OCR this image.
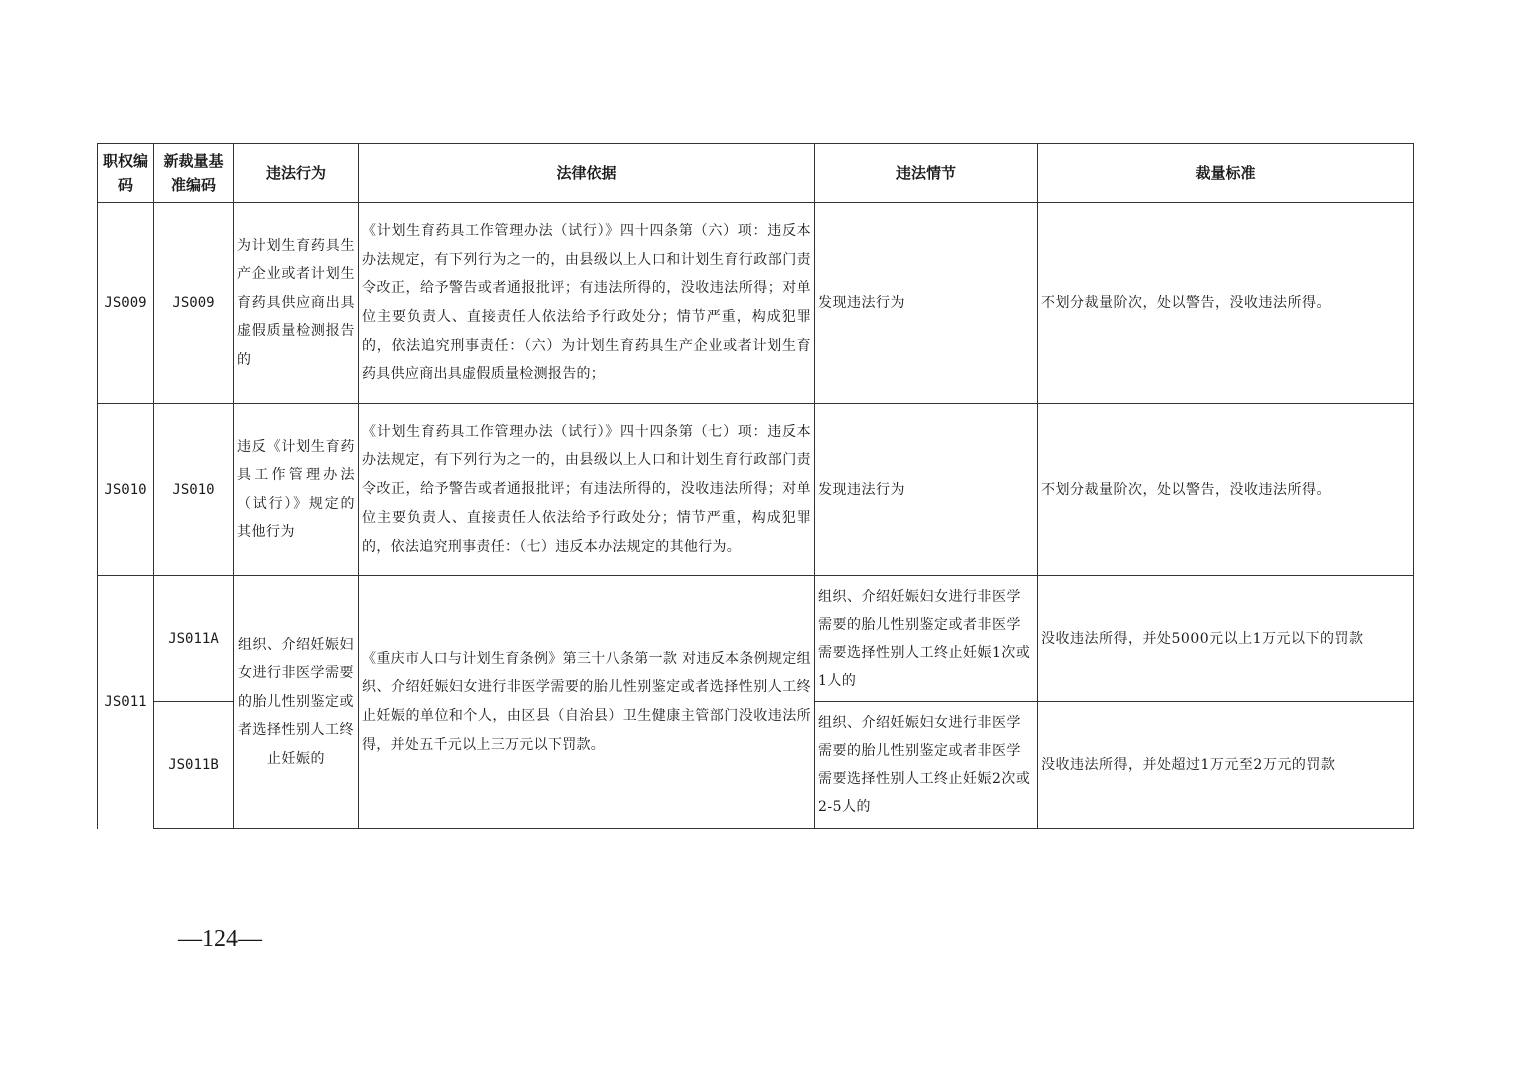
职权编码	新裁量基准编码	违法行为	法律依据	违法情节	裁量标准
JS009	JS009	为计划生育药具生产企业或者计划生育药具供应商出具虚假质量检测报告的	《计划生育药具工作管理办法（试行）》四十四条第（六）项：违反本办法规定，有下列行为之一的，由县级以上人口和计划生育行政部门责令改正，给予警告或者通报批评；有违法所得的，没收违法所得；对单位主要负责人、直接责任人依法给予行政处分；情节严重，构成犯罪的，依法追究刑事责任：（六）为计划生育药具生产企业或者计划生育药具供应商出具虚假质量检测报告的；	发现违法行为	不划分裁量阶次，处以警告，没收违法所得。
JS010	JS010	违反《计划生育药具工作管理办法（试行）》规定的其他行为	《计划生育药具工作管理办法（试行）》四十四条第（七）项：违反本办法规定，有下列行为之一的，由县级以上人口和计划生育行政部门责令改正，给予警告或者通报批评；有违法所得的，没收违法所得；对单位主要负责人、直接责任人依法给予行政处分；情节严重，构成犯罪的，依法追究刑事责任：（七）违反本办法规定的其他行为。	发现违法行为	不划分裁量阶次，处以警告，没收违法所得。
JS011	JS011A	组织、介绍妊娠妇女进行非医学需要的胎儿性别鉴定或者选择性别人工终止妊娠的	《重庆市人口与计划生育条例》第三十八条第一款 对违反本条例规定组织、介绍妊娠妇女进行非医学需要的胎儿性别鉴定或者选择性别人工终止妊娠的单位和个人，由区县（自治县）卫生健康主管部门没收违法所得，并处五千元以上三万元以下罚款。	组织、介绍妊娠妇女进行非医学需要的胎儿性别鉴定或者非医学需要选择性别人工终止妊娠1次或1人的	没收违法所得，并处5000元以上1万元以下的罚款
	JS011B			组织、介绍妊娠妇女进行非医学需要的胎儿性别鉴定或者非医学需要选择性别人工终止妊娠2次或2-5人的	没收违法所得，并处超过1万元至2万元的罚款
—124—
